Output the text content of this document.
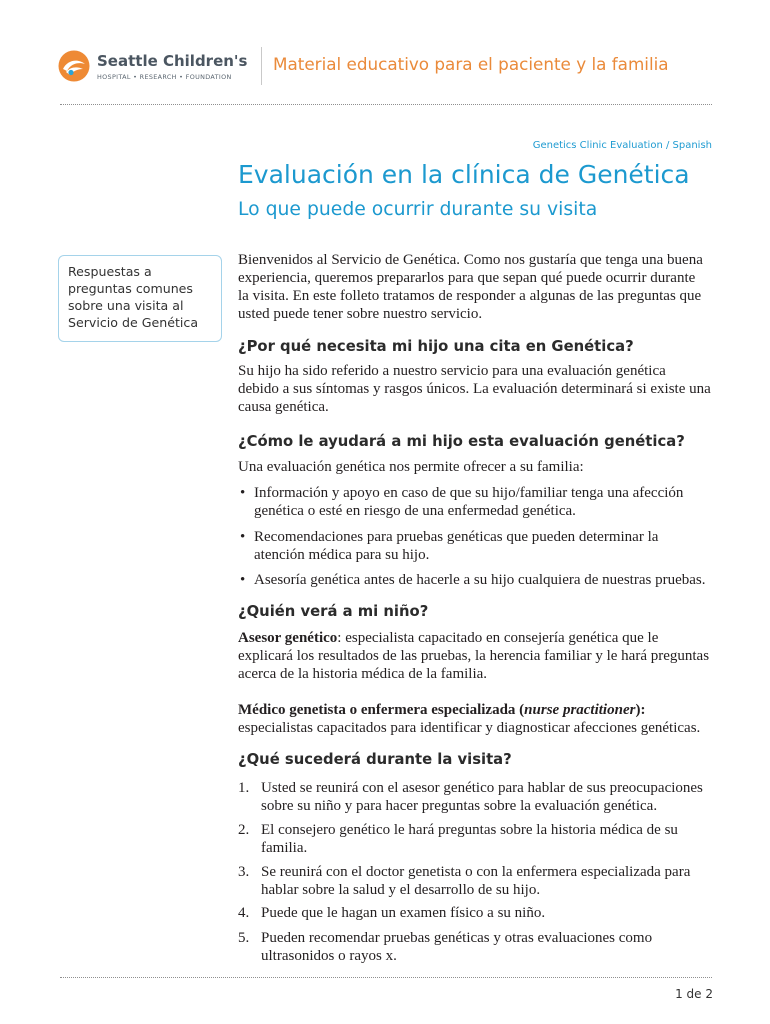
Seattle Children's
HOSPITAL • RESEARCH • FOUNDATION
Material educativo para el paciente y la familia
Genetics Clinic Evaluation / Spanish
Evaluación en la clínica de Genética
Lo que puede ocurrir durante su visita
Respuestas a
preguntas comunes
sobre una visita al
Servicio de Genética
Bienvenidos al Servicio de Genética. Como nos gustaría que tenga una buena
experiencia, queremos prepararlos para que sepan qué puede ocurrir durante
la visita. En este folleto tratamos de responder a algunas de las preguntas que
usted puede tener sobre nuestro servicio.
¿Por qué necesita mi hijo una cita en Genética?
Su hijo ha sido referido a nuestro servicio para una evaluación genética
debido a sus síntomas y rasgos únicos. La evaluación determinará si existe una
causa genética.
¿Cómo le ayudará a mi hijo esta evaluación genética?
Una evaluación genética nos permite ofrecer a su familia:
• Información y apoyo en caso de que su hijo/familiar tenga una afección
genética o esté en riesgo de una enfermedad genética.
• Recomendaciones para pruebas genéticas que pueden determinar la
atención médica para su hijo.
• Asesoría genética antes de hacerle a su hijo cualquiera de nuestras pruebas.
¿Quién verá a mi niño?
Asesor genético: especialista capacitado en consejería genética que le
explicará los resultados de las pruebas, la herencia familiar y le hará preguntas
acerca de la historia médica de la familia.
Médico genetista o enfermera especializada (nurse practitioner):
especialistas capacitados para identificar y diagnosticar afecciones genéticas.
¿Qué sucederá durante la visita?
1. Usted se reunirá con el asesor genético para hablar de sus preocupaciones
sobre su niño y para hacer preguntas sobre la evaluación genética.
2. El consejero genético le hará preguntas sobre la historia médica de su
familia.
3. Se reunirá con el doctor genetista o con la enfermera especializada para
hablar sobre la salud y el desarrollo de su hijo.
4. Puede que le hagan un examen físico a su niño.
5. Pueden recomendar pruebas genéticas y otras evaluaciones como
ultrasonidos o rayos x.
1 de 2
